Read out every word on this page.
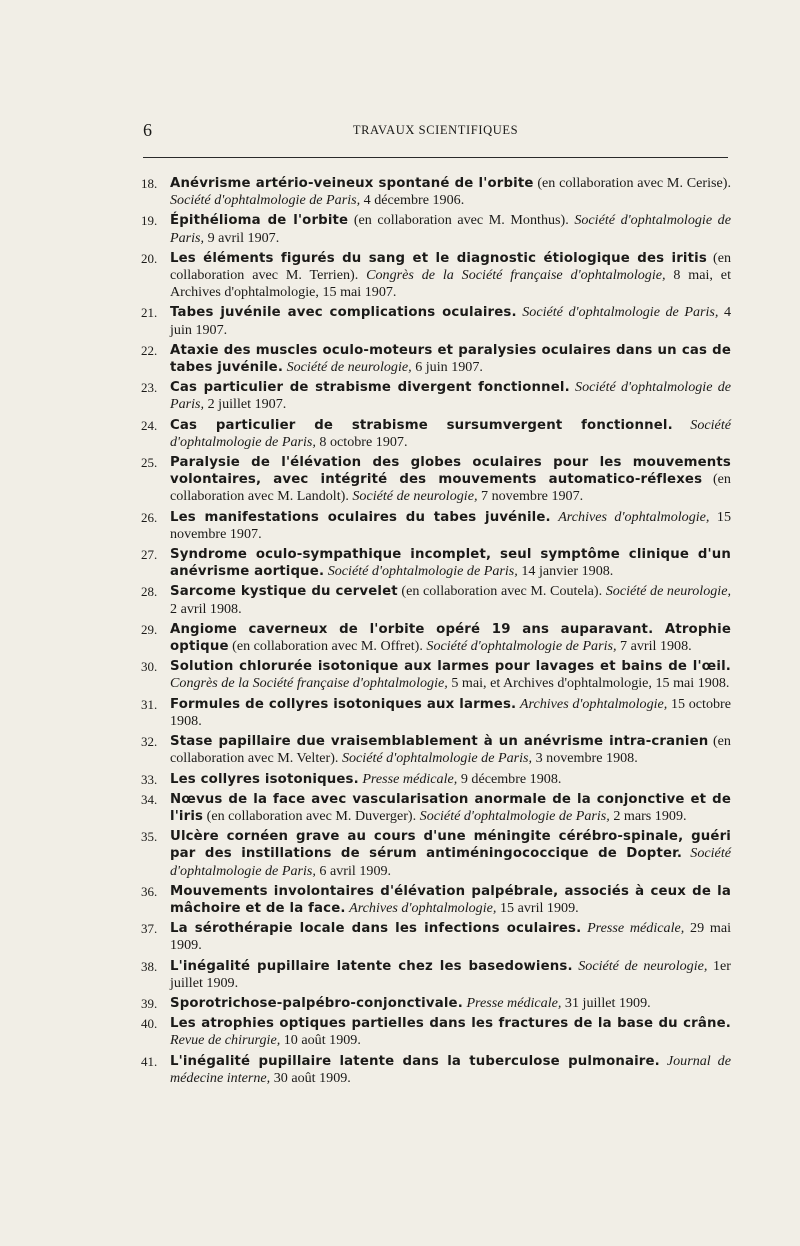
6	TRAVAUX SCIENTIFIQUES
18. Anévrisme artério-veineux spontané de l'orbite (en collaboration avec M. Cerise). Société d'ophtalmologie de Paris, 4 décembre 1906.
19. Épithélioma de l'orbite (en collaboration avec M. Monthus). Société d'ophtalmologie de Paris, 9 avril 1907.
20. Les éléments figurés du sang et le diagnostic étiologique des iritis (en collaboration avec M. Terrien). Congrès de la Société française d'ophtalmologie, 8 mai, et Archives d'ophtalmologie, 15 mai 1907.
21. Tabes juvénile avec complications oculaires. Société d'ophtalmologie de Paris, 4 juin 1907.
22. Ataxie des muscles oculo-moteurs et paralysies oculaires dans un cas de tabes juvénile. Société de neurologie, 6 juin 1907.
23. Cas particulier de strabisme divergent fonctionnel. Société d'ophtalmologie de Paris, 2 juillet 1907.
24. Cas particulier de strabisme sursumvergent fonctionnel. Société d'ophtalmologie de Paris, 8 octobre 1907.
25. Paralysie de l'élévation des globes oculaires pour les mouvements volontaires, avec intégrité des mouvements automatico-réflexes (en collaboration avec M. Landolt). Société de neurologie, 7 novembre 1907.
26. Les manifestations oculaires du tabes juvénile. Archives d'ophtalmologie, 15 novembre 1907.
27. Syndrome oculo-sympathique incomplet, seul symptôme clinique d'un anévrisme aortique. Société d'ophtalmologie de Paris, 14 janvier 1908.
28. Sarcome kystique du cervelet (en collaboration avec M. Coutela). Société de neurologie, 2 avril 1908.
29. Angiome caverneux de l'orbite opéré 19 ans auparavant. Atrophie optique (en collaboration avec M. Offret). Société d'ophtalmologie de Paris, 7 avril 1908.
30. Solution chlorurée isotonique aux larmes pour lavages et bains de l'œil. Congrès de la Société française d'ophtalmologie, 5 mai, et Archives d'ophtalmologie, 15 mai 1908.
31. Formules de collyres isotoniques aux larmes. Archives d'ophtalmologie, 15 octobre 1908.
32. Stase papillaire due vraisemblablement à un anévrisme intra-cranien (en collaboration avec M. Velter). Société d'ophtalmologie de Paris, 3 novembre 1908.
33. Les collyres isotoniques. Presse médicale, 9 décembre 1908.
34. Nœvus de la face avec vascularisation anormale de la conjonctive et de l'iris (en collaboration avec M. Duverger). Société d'ophtalmologie de Paris, 2 mars 1909.
35. Ulcère cornéen grave au cours d'une méningite cérébro-spinale, guéri par des instillations de sérum antiméningococcique de Dopter. Société d'ophtalmologie de Paris, 6 avril 1909.
36. Mouvements involontaires d'élévation palpébrale, associés à ceux de la mâchoire et de la face. Archives d'ophtalmologie, 15 avril 1909.
37. La sérothérapie locale dans les infections oculaires. Presse médicale, 29 mai 1909.
38. L'inégalité pupillaire latente chez les basedowiens. Société de neurologie, 1er juillet 1909.
39. Sporotrichose-palpébro-conjonctivale. Presse médicale, 31 juillet 1909.
40. Les atrophies optiques partielles dans les fractures de la base du crâne. Revue de chirurgie, 10 août 1909.
41. L'inégalité pupillaire latente dans la tuberculose pulmonaire. Journal de médecine interne, 30 août 1909.
